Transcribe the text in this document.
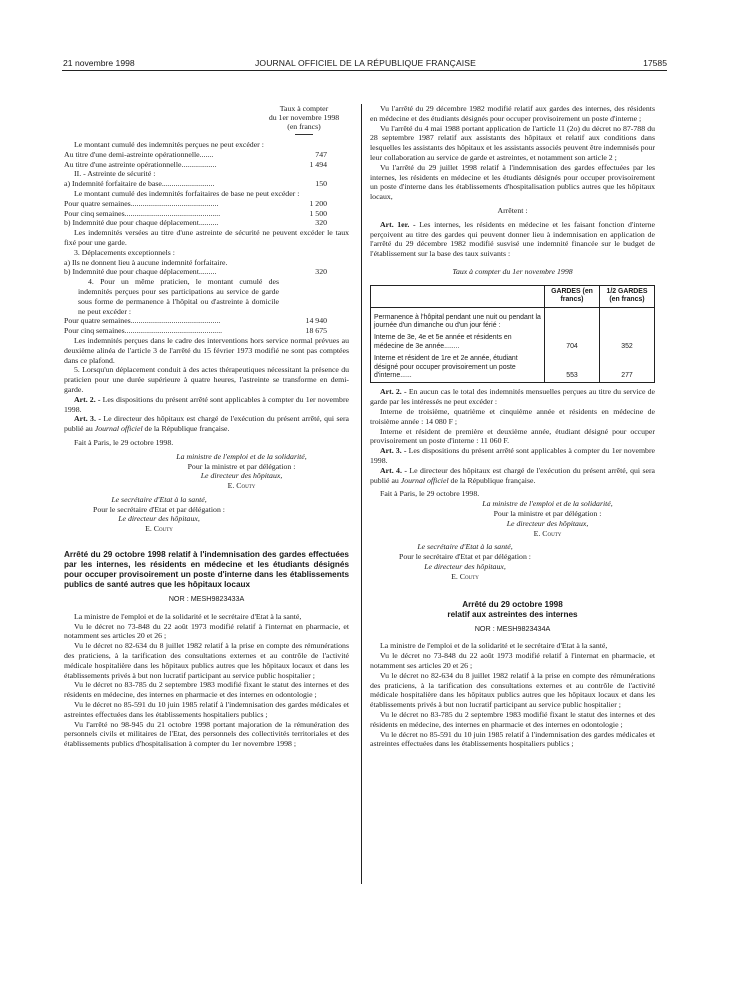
21 novembre 1998	JOURNAL OFFICIEL DE LA RÉPUBLIQUE FRANÇAISE	17585
Taux à compter
du 1er novembre 1998
(en francs)

Le montant cumulé des indemnités perçues ne peut excéder :

Au titre d'une demi-astreinte opérationnelle.......	747
Au titre d'une astreinte opérationnelle..................	1 494

II. - Astreinte de sécurité :

a) Indemnité forfaitaire de base...........................	150

Le montant cumulé des indemnités forfaitaires de base ne peut excéder :

Pour quatre semaines.............................................	1 200
Pour cinq semaines.................................................	1 500
b) Indemnité due pour chaque déplacement..........	320

Les indemnités versées au titre d'une astreinte de sécurité ne peuvent excéder le taux fixé pour une garde.

3. Déplacements exceptionnels :

a) Ils ne donnent lieu à aucune indemnité forfaitaire.

b) Indemnité due pour chaque déplacement.........	320

4. Pour un même praticien, le montant cumulé des indemnités perçues pour ses participations au service de garde sous forme de permanence à l'hôpital ou d'astreinte à domicile ne peut excéder :

Pour quatre semaines..............................................	14 940
Pour cinq semaines..................................................	18 675

Les indemnités perçues dans le cadre des interventions hors service normal prévues au deuxième alinéa de l'article 3 de l'arrêté du 15 février 1973 modifié ne sont pas comptées dans ce plafond.

5. Lorsqu'un déplacement conduit à des actes thérapeutiques nécessitant la présence du praticien pour une durée supérieure à quatre heures, l'astreinte se transforme en demi-garde.

Art. 2. - Les dispositions du présent arrêté sont applicables à compter du 1er novembre 1998.

Art. 3. - Le directeur des hôpitaux est chargé de l'exécution du présent arrêté, qui sera publié au Journal officiel de la République française.

Fait à Paris, le 29 octobre 1998.

La ministre de l'emploi et de la solidarité,

Pour la ministre et par délégation :

Le directeur des hôpitaux,

E. Couty

Le secrétaire d'Etat à la santé,

Pour le secrétaire d'Etat et par délégation :

Le directeur des hôpitaux,

E. Couty

Arrêté du 29 octobre 1998 relatif à l'indemnisation des gardes effectuées par les internes, les résidents en médecine et les étudiants désignés pour occuper provisoirement un poste d'interne dans les établissements publics de santé autres que les hôpitaux locaux

NOR : MESH9823433A

La ministre de l'emploi et de la solidarité et le secrétaire d'Etat à la santé,

Vu le décret no 73-848 du 22 août 1973 modifié relatif à l'internat en pharmacie, et notamment ses articles 20 et 26 ;

Vu le décret no 82-634 du 8 juillet 1982 relatif à la prise en compte des rémunérations des praticiens, à la tarification des consultations externes et au contrôle de l'activité médicale hospitalière dans les hôpitaux publics autres que les hôpitaux locaux et dans les établissements privés à but non lucratif participant au service public hospitalier ;

Vu le décret no 83-785 du 2 septembre 1983 modifié fixant le statut des internes et des résidents en médecine, des internes en pharmacie et des internes en odontologie ;

Vu le décret no 85-591 du 10 juin 1985 relatif à l'indemnisation des gardes médicales et astreintes effectuées dans les établissements hospitaliers publics ;

Vu l'arrêté no 98-945 du 21 octobre 1998 portant majoration de la rémunération des personnels civils et militaires de l'Etat, des personnels des collectivités territoriales et des établissements publics d'hospitalisation à compter du 1er novembre 1998 ;

Vu l'arrêté du 29 décembre 1982 modifié relatif aux gardes des internes, des résidents en médecine et des étudiants désignés pour occuper provisoirement un poste d'interne ;

Vu l'arrêté du 4 mai 1988 portant application de l'article 11 (2o) du décret no 87-788 du 28 septembre 1987 relatif aux assistants des hôpitaux et relatif aux conditions dans lesquelles les assistants des hôpitaux et les assistants associés peuvent être indemnisés pour leur collaboration au service de garde et astreintes, et notamment son article 2 ;

Vu l'arrêté du 29 juillet 1998 relatif à l'indemnisation des gardes effectuées par les internes, les résidents en médecine et les étudiants désignés pour occuper provisoirement un poste d'interne dans les établissements d'hospitalisation publics autres que les hôpitaux locaux,

Arrêtent :

Art. 1er. - Les internes, les résidents en médecine et les faisant fonction d'interne perçoivent au titre des gardes qui peuvent donner lieu à indemnisation en application de l'arrêté du 29 décembre 1982 modifié susvisé une indemnité financée sur le budget de l'établissement sur la base des taux suivants :

Taux à compter du 1er novembre 1998

	GARDES (en francs)	1/2 GARDES (en francs)
Permanence à l'hôpital pendant une nuit ou pendant la journée d'un dimanche ou d'un jour férié :		
Interne de 3e, 4e et 5e année et résidents en médecine de 3e année........	704	352
Interne et résident de 1re et 2e année, étudiant désigné pour occuper provisoirement un poste d'interne......	553	277

Art. 2. - En aucun cas le total des indemnités mensuelles perçues au titre du service de garde par les intéressés ne peut excéder :

Interne de troisième, quatrième et cinquième année et résidents en médecine de troisième année : 14 080 F ;

Interne et résident de première et deuxième année, étudiant désigné pour occuper provisoirement un poste d'interne : 11 060 F.

Art. 3. - Les dispositions du présent arrêté sont applicables à compter du 1er novembre 1998.

Art. 4. - Le directeur des hôpitaux est chargé de l'exécution du présent arrêté, qui sera publié au Journal officiel de la République française.

Fait à Paris, le 29 octobre 1998.

La ministre de l'emploi et de la solidarité,

Pour la ministre et par délégation :

Le directeur des hôpitaux,

E. Couty

Le secrétaire d'Etat à la santé,

Pour le secrétaire d'Etat et par délégation :

Le directeur des hôpitaux,

E. Couty

Arrêté du 29 octobre 1998

relatif aux astreintes des internes

NOR : MESH9823434A

La ministre de l'emploi et de la solidarité et le secrétaire d'Etat à la santé,

Vu le décret no 73-848 du 22 août 1973 modifié relatif à l'internat en pharmacie, et notamment ses articles 20 et 26 ;

Vu le décret no 82-634 du 8 juillet 1982 relatif à la prise en compte des rémunérations des praticiens, à la tarification des consultations externes et au contrôle de l'activité médicale hospitalière dans les hôpitaux publics autres que les hôpitaux locaux et dans les établissements privés à but non lucratif participant au service public hospitalier ;

Vu le décret no 83-785 du 2 septembre 1983 modifié fixant le statut des internes et des résidents en médecine, des internes en pharmacie et des internes en odontologie ;

Vu le décret no 85-591 du 10 juin 1985 relatif à l'indemnisation des gardes médicales et astreintes effectuées dans les établissements hospitaliers publics ;
